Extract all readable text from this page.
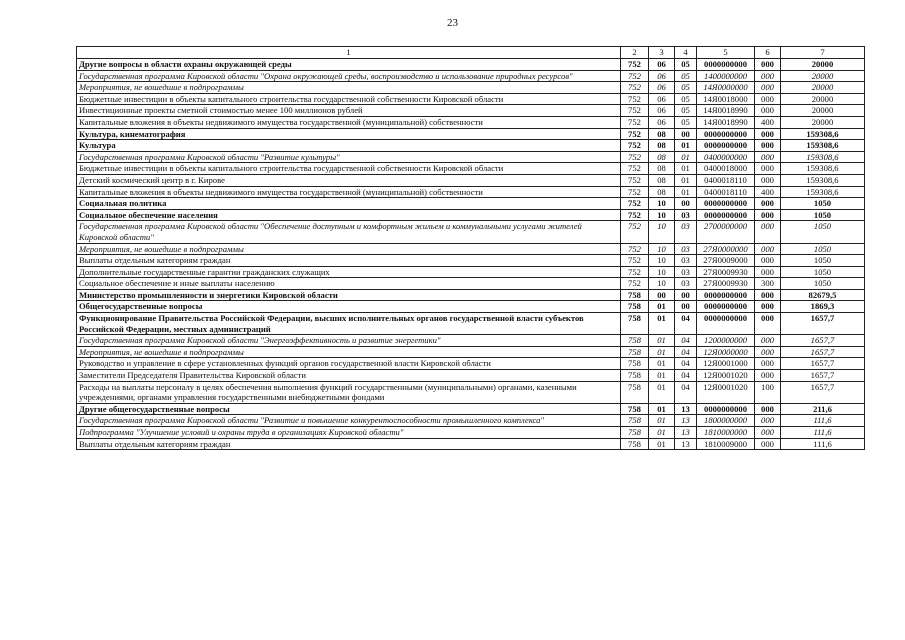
23
1	2	3	4	5	6	7
Другие вопросы в области охраны окружающей среды	752	06	05	0000000000	000	20000
Государственная программа Кировской области "Охрана окружающей среды, воспроизводство и использование природных ресурсов"	752	06	05	1400000000	000	20000
Мероприятия, не вошедшие в подпрограммы	752	06	05	14Я0000000	000	20000
Бюджетные инвестиции в объекты капитального строительства государственной собственности Кировской области	752	06	05	14Я0018000	000	20000
Инвестиционные проекты сметной стоимостью менее 100 миллионов рублей	752	06	05	14Я0018990	000	20000
Капитальные вложения в объекты недвижимого имущества государственной (муниципальной) собственности	752	06	05	14Я0018990	400	20000
Культура, кинематография	752	08	00	0000000000	000	159308,6
Культура	752	08	01	0000000000	000	159308,6
Государственная программа Кировской области "Развитие культуры"	752	08	01	0400000000	000	159308,6
Бюджетные инвестиции в объекты капитального строительства государственной собственности Кировской области	752	08	01	0400018000	000	159308,6
Детский космический центр в г. Кирове	752	08	01	0400018110	000	159308,6
Капитальные вложения в объекты недвижимого имущества государственной (муниципальной) собственности	752	08	01	0400018110	400	159308,6
Социальная политика	752	10	00	0000000000	000	1050
Социальное обеспечение населения	752	10	03	0000000000	000	1050
Государственная программа Кировской области "Обеспечение доступным и комфортным жильем и коммунальными услугами жителей Кировской области"	752	10	03	2700000000	000	1050
Мероприятия, не вошедшие в подпрограммы	752	10	03	27Я0000000	000	1050
Выплаты отдельным категориям граждан	752	10	03	27Я0009000	000	1050
Дополнительные государственные гарантии гражданских служащих	752	10	03	27Я0009930	000	1050
Социальное обеспечение и иные выплаты населению	752	10	03	27Я0009930	300	1050
Министерство промышленности и энергетики Кировской области	758	00	00	0000000000	000	82679,5
Общегосударственные вопросы	758	01	00	0000000000	000	1869,3
Функционирование Правительства Российской Федерации, высших исполнительных органов государственной власти субъектов Российской Федерации, местных администраций	758	01	04	0000000000	000	1657,7
Государственная программа Кировской области "Энергоэффективность и развитие энергетики"	758	01	04	1200000000	000	1657,7
Мероприятия, не вошедшие в подпрограммы	758	01	04	12Я0000000	000	1657,7
Руководство и управление в сфере установленных функций органов государственной власти Кировской области	758	01	04	12Я0001000	000	1657,7
Заместители Председателя Правительства Кировской области	758	01	04	12Я0001020	000	1657,7
Расходы на выплаты персоналу в целях обеспечения выполнения функций государственными (муниципальными) органами, казенными учреждениями, органами управления государственными внебюджетными фондами	758	01	04	12Я0001020	100	1657,7
Другие общегосударственные вопросы	758	01	13	0000000000	000	211,6
Государственная программа Кировской области "Развитие и повышение конкурентоспособности промышленного комплекса"	758	01	13	1800000000	000	111,6
Подпрограмма "Улучшение условий и охраны труда в организациях Кировской области"	758	01	13	1810000000	000	111,6
Выплаты отдельным категориям граждан	758	01	13	1810009000	000	111,6
